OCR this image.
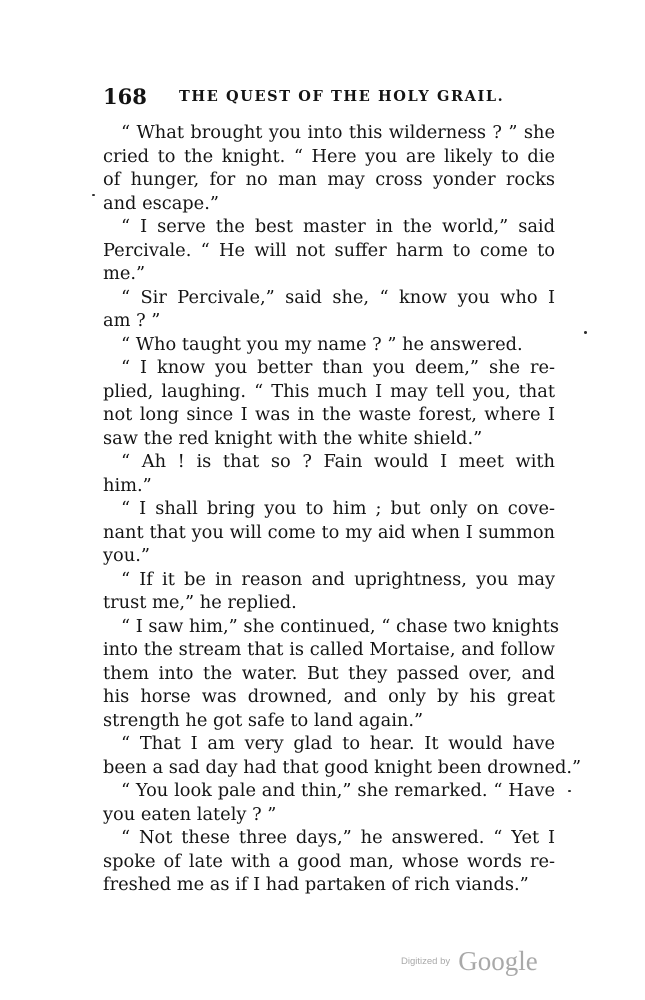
168 THE QUEST OF THE HOLY GRAIL.
“ What brought you into this wilderness ? ” she
cried to the knight. “ Here you are likely to die
of hunger, for no man may cross yonder rocks
and escape.”
“ I serve the best master in the world,” said
Percivale. “ He will not suffer harm to come to
me.”
“ Sir Percivale,” said she, “ know you who I
am ? ”
“ Who taught you my name ? ” he answered.
“ I know you better than you deem,” she re-
plied, laughing. “ This much I may tell you, that
not long since I was in the waste forest, where I
saw the red knight with the white shield.”
“ Ah ! is that so ? Fain would I meet with
him.”
“ I shall bring you to him ; but only on cove-
nant that you will come to my aid when I summon
you.”
“ If it be in reason and uprightness, you may
trust me,” he replied.
“ I saw him,” she continued, “ chase two knights
into the stream that is called Mortaise, and follow
them into the water. But they passed over, and
his horse was drowned, and only by his great
strength he got safe to land again.”
“ That I am very glad to hear. It would have
been a sad day had that good knight been drowned.”
“ You look pale and thin,” she remarked. “ Have
you eaten lately ? ”
“ Not these three days,” he answered. “ Yet I
spoke of late with a good man, whose words re-
freshed me as if I had partaken of rich viands.”
Digitized by Google
